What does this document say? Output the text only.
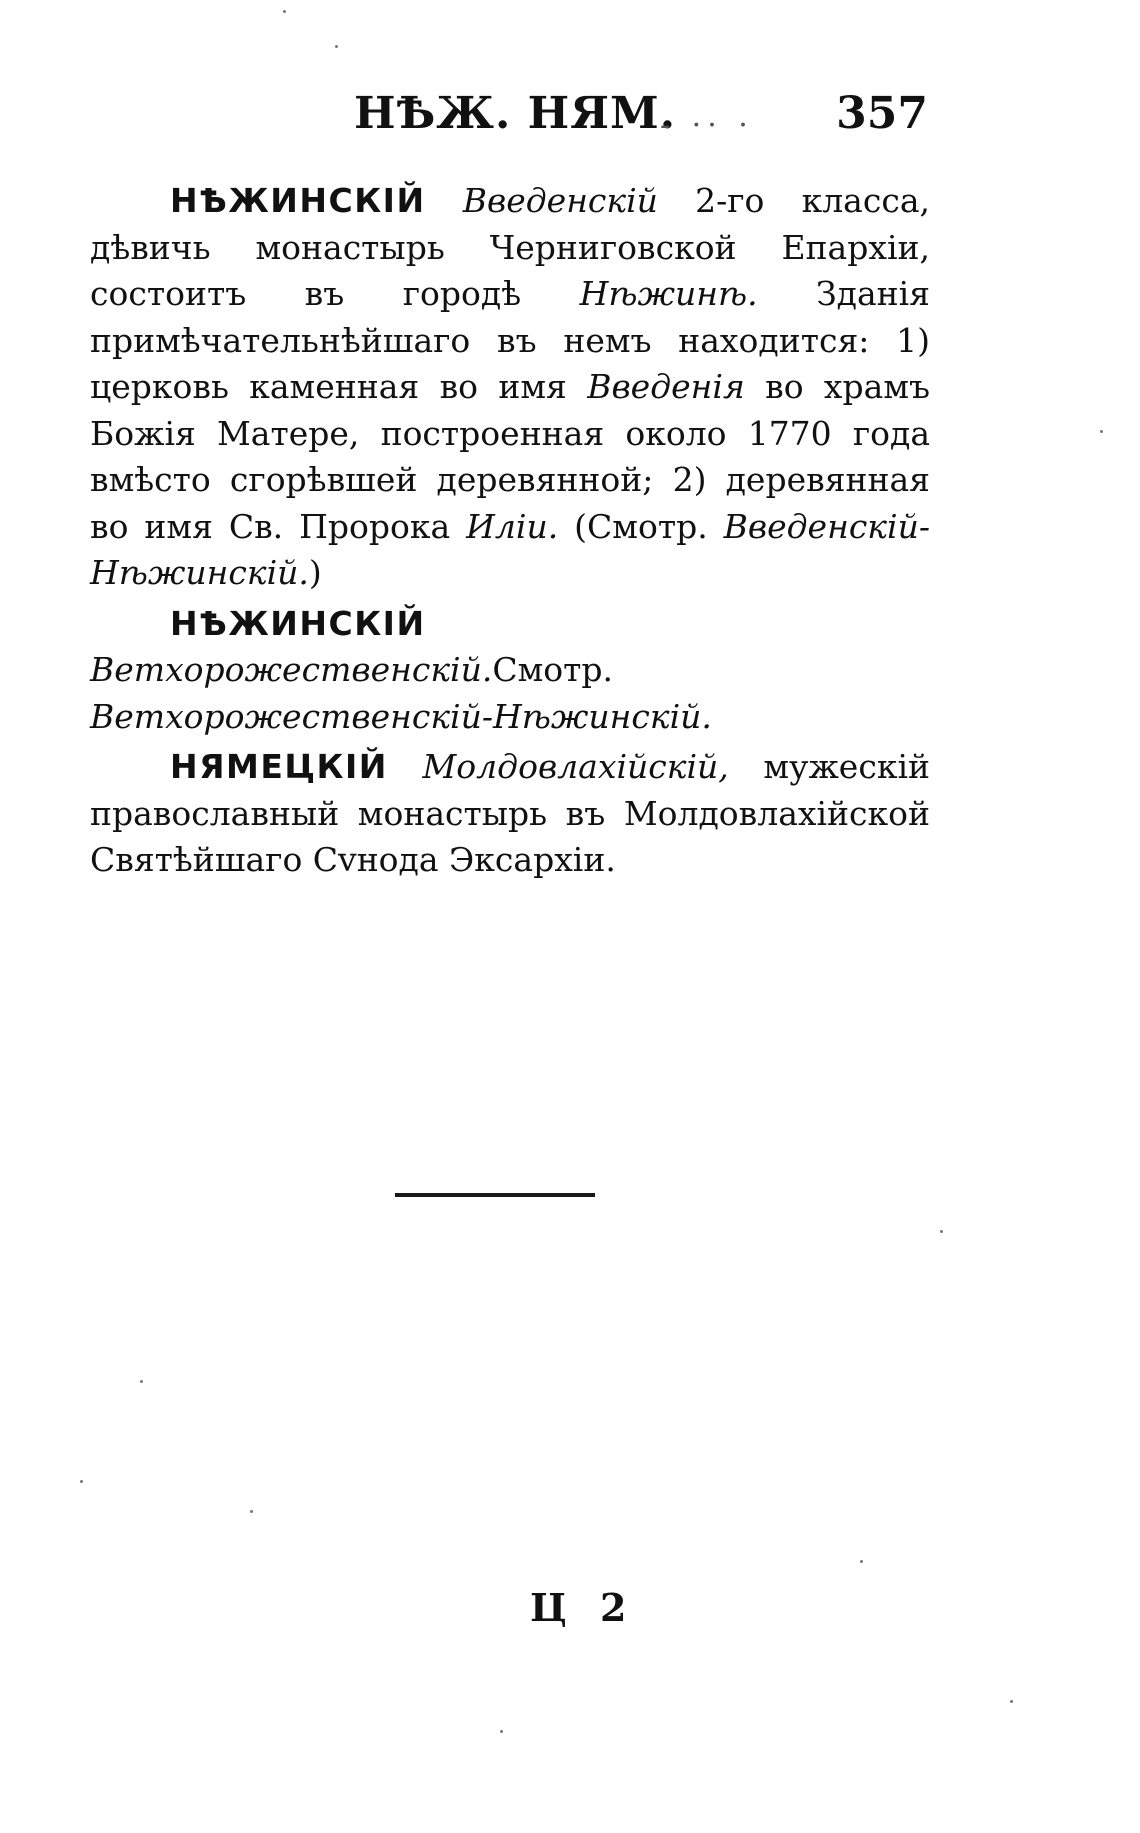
НѢЖ. НЯМ.
- ·· · 357

НѢЖИНСКІЙ Введенскій 2-го класса, дѣвичь монастырь Черниговской Епархіи, состоитъ въ городѣ Нѣжинѣ. Зданія примѣчательнѣйшаго въ немъ находится: 1) церковь каменная во имя Введенія во храмъ Божія Матере, построенная около 1770 года вмѣсто сгорѣвшей деревянной; 2) деревянная во имя Св. Пророка Иліи. (Смотр. Введенскій-Нѣжинскій.)

НѢЖИНСКІЙ Ветхорожественскій.Смотр. Ветхорожественскій-Нѣжинскій.

НЯМЕЦКІЙ Молдовлахійскій, мужескій православный монастырь въ Молдовлахійской Святѣйшаго Сvнода Эксархіи.

Ц 2
